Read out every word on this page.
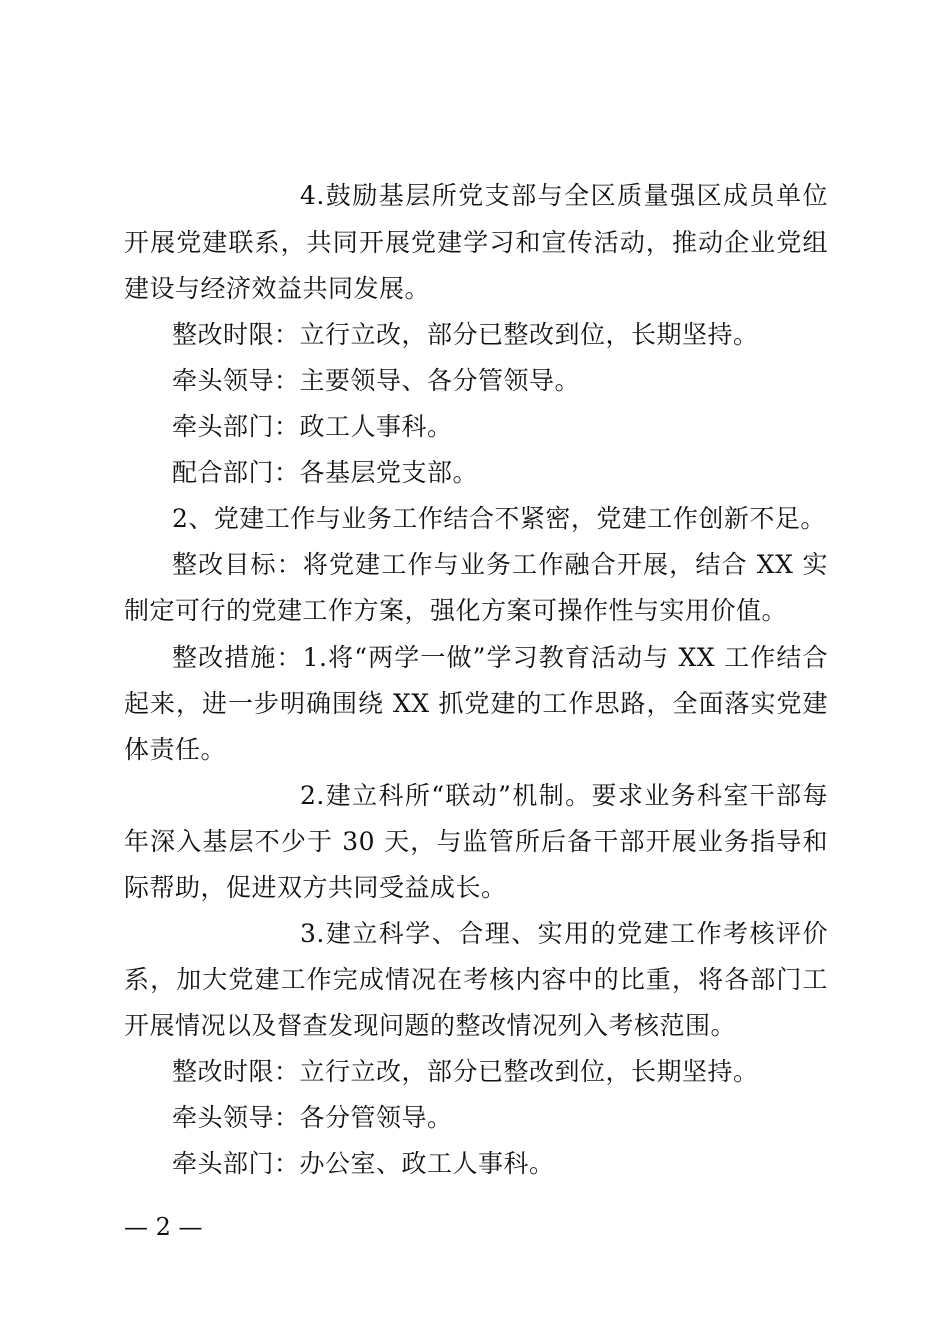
4.鼓励基层所党支部与全区质量强区成员单位
开展党建联系，共同开展党建学习和宣传活动，推动企业党组
建设与经济效益共同发展。
整改时限：立行立改，部分已整改到位，长期坚持。
牵头领导：主要领导、各分管领导。
牵头部门：政工人事科。
配合部门：各基层党支部。
2、党建工作与业务工作结合不紧密，党建工作创新不足。
整改目标：将党建工作与业务工作融合开展，结合 XX 实
制定可行的党建工作方案，强化方案可操作性与实用价值。
整改措施：1.将“两学一做”学习教育活动与 XX 工作结合
起来，进一步明确围绕 XX 抓党建的工作思路，全面落实党建
体责任。
2.建立科所“联动”机制。要求业务科室干部每
年深入基层不少于 30 天，与监管所后备干部开展业务指导和
际帮助，促进双方共同受益成长。
3.建立科学、合理、实用的党建工作考核评价
系，加大党建工作完成情况在考核内容中的比重，将各部门工
开展情况以及督查发现问题的整改情况列入考核范围。
整改时限：立行立改，部分已整改到位，长期坚持。
牵头领导：各分管领导。
牵头部门：办公室、政工人事科。
— 2 —
